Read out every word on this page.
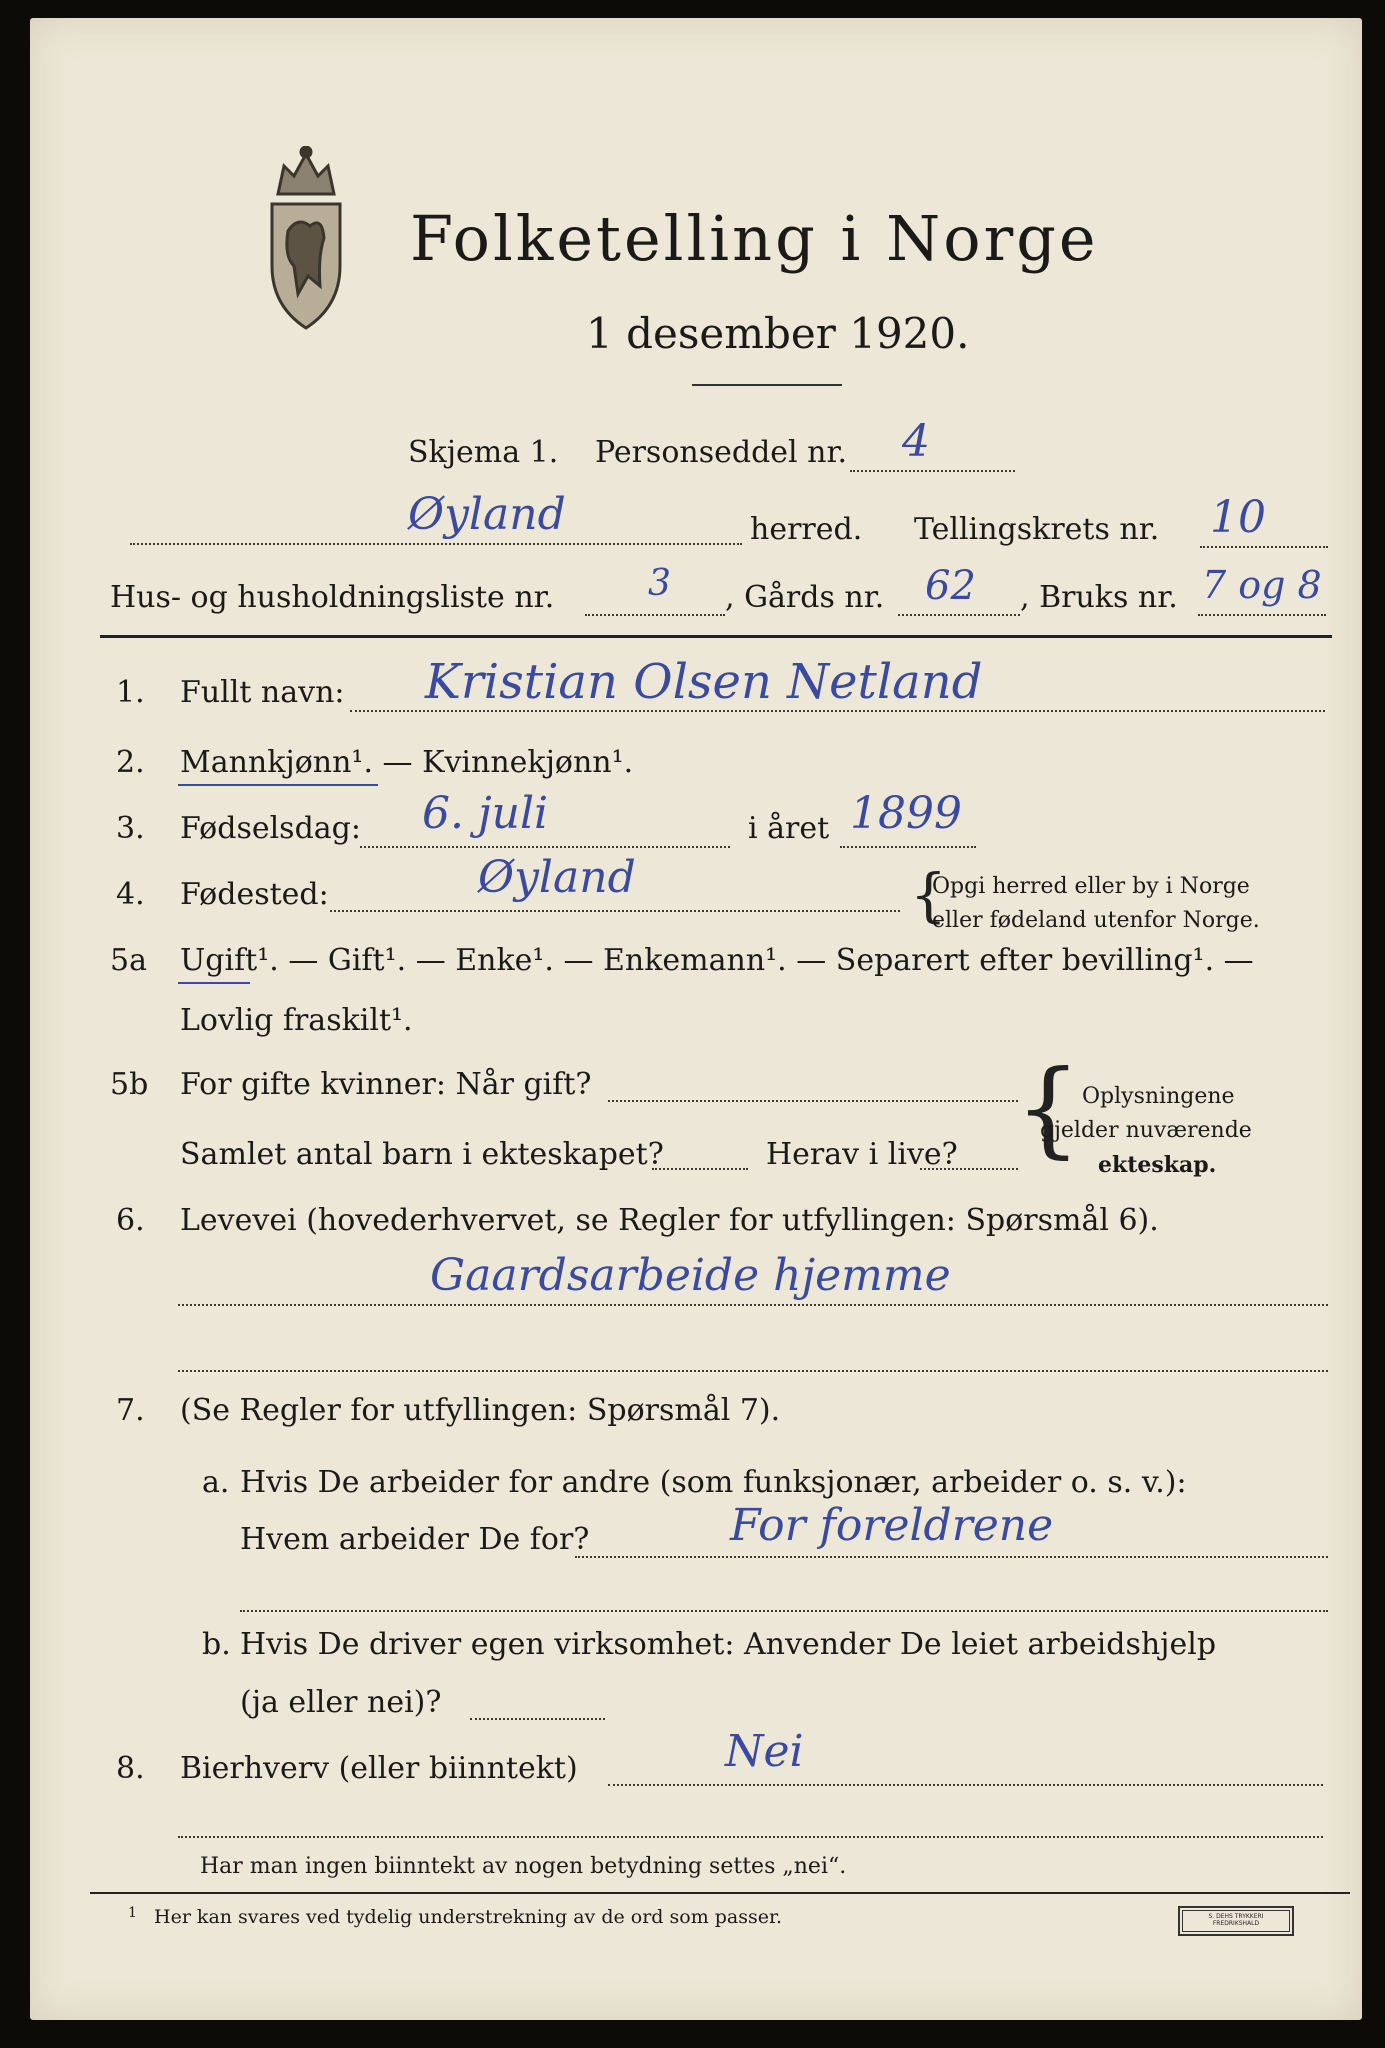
Folketelling i Norge
1 desember 1920.
Skjema 1. Personseddel nr. 4
Øyland	herred. Tellingskrets nr. 10
Hus- og husholdningsliste nr.	3 , Gårds nr. 62 , Bruks nr. 7 og 8
1. Fullt navn: Kristian Olsen Netland
2. Mannkjønn¹. — Kvinnekjønn¹.
3. Fødselsdag: 6. juli	i året 1899
4. Fødested:	Øyland	{
Opgi herred eller by i Norge
eller fødeland utenfor Norge.
5a Ugift¹. — Gift¹. — Enke¹. — Enkemann¹. — Separert efter bevilling¹. —
Lovlig fraskilt¹.
5b For gifte kvinner: Når gift?
Samlet antal barn i ekteskapet?	Herav i live? { Oplysningene
gjelder nuværende
ekteskap.
6. Levevei (hovederhvervet, se Regler for utfyllingen: Spørsmål 6).
Gaardsarbeide hjemme
7. (Se Regler for utfyllingen: Spørsmål 7).
a. Hvis De arbeider for andre (som funksjonær, arbeider o. s. v.):
Hvem arbeider De for?	For foreldrene
b. Hvis De driver egen virksomhet: Anvender De leiet arbeidshjelp
(ja eller nei)?
8. Bierhverv (eller biinntekt)	Nei
Har man ingen biinntekt av nogen betydning settes „nei“.
1 Her kan svares ved tydelig understrekning av de ord som passer.	S. DEHS TRYKKERI FREDRIKSHALD
